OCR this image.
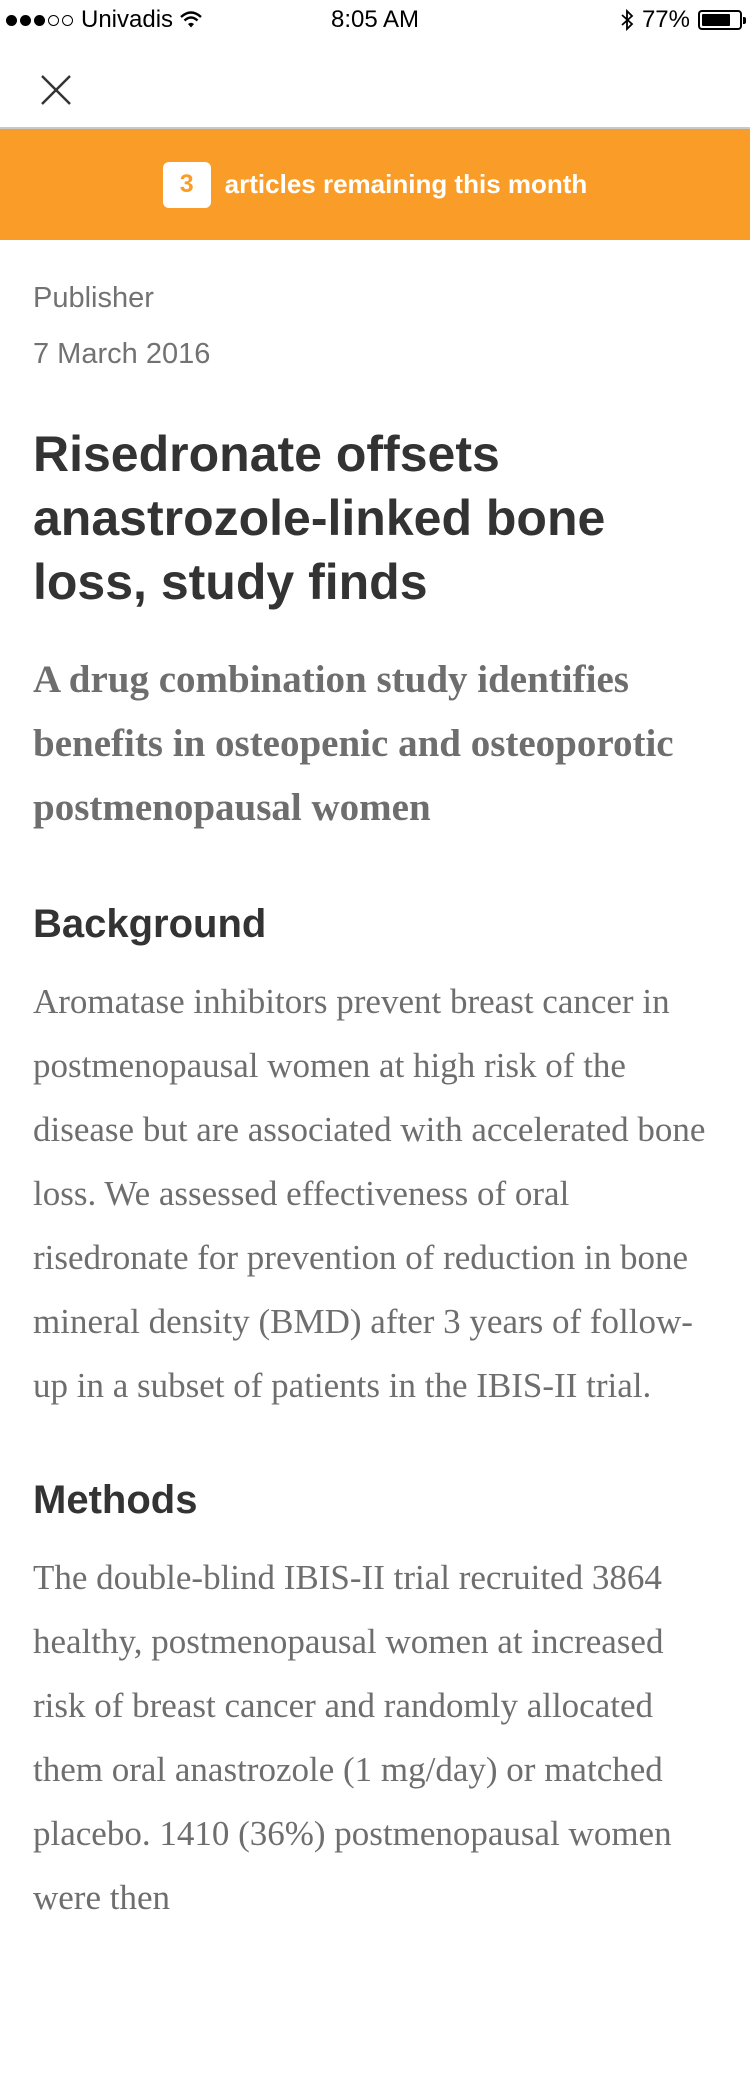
Univadis	8:05 AM	77%
3	articles remaining this month
Publisher
7 March 2016
Risedronate offsets anastrozole-linked bone loss, study finds
A drug combination study identifies benefits in osteopenic and osteoporotic postmenopausal women
Background

Aromatase inhibitors prevent breast cancer in postmenopausal women at high risk of the disease but are associated with accelerated bone loss. We assessed effectiveness of oral risedronate for prevention of reduction in bone mineral density (BMD) after 3 years of follow-up in a subset of patients in the IBIS-II trial.

Methods

The double-blind IBIS-II trial recruited 3864 healthy, postmenopausal women at increased risk of breast cancer and randomly allocated them oral anastrozole (1 mg/day) or matched placebo. 1410 (36%) postmenopausal women were then
